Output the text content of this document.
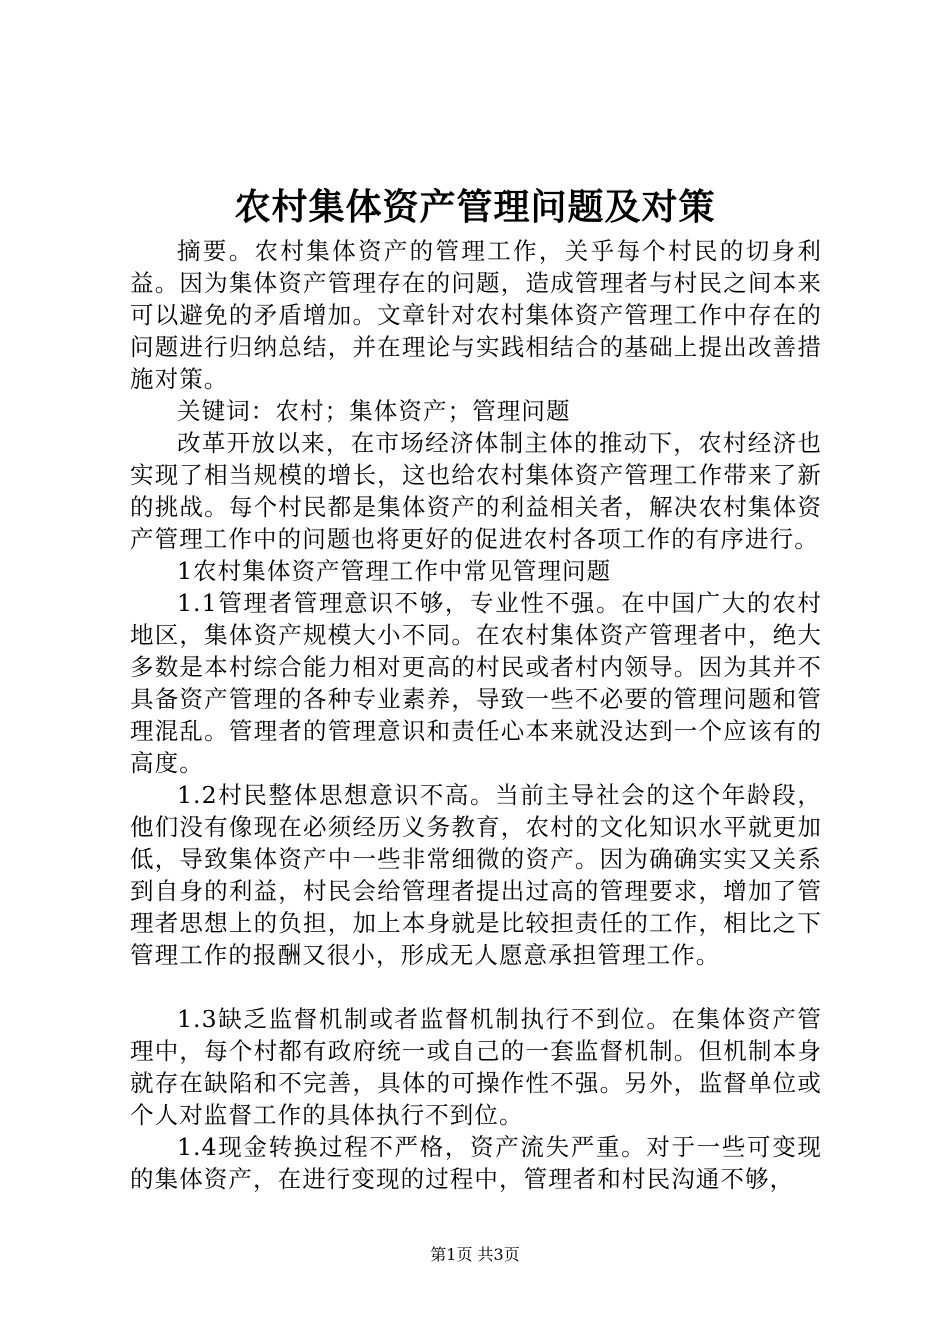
农村集体资产管理问题及对策

摘要。农村集体资产的管理工作，关乎每个村民的切身利益。因为集体资产管理存在的问题，造成管理者与村民之间本来可以避免的矛盾增加。文章针对农村集体资产管理工作中存在的问题进行归纳总结，并在理论与实践相结合的基础上提出改善措施对策。

关键词：农村；集体资产；管理问题

改革开放以来，在市场经济体制主体的推动下，农村经济也实现了相当规模的增长，这也给农村集体资产管理工作带来了新的挑战。每个村民都是集体资产的利益相关者，解决农村集体资产管理工作中的问题也将更好的促进农村各项工作的有序进行。

1农村集体资产管理工作中常见管理问题

1.1管理者管理意识不够，专业性不强。在中国广大的农村地区，集体资产规模大小不同。在农村集体资产管理者中，绝大多数是本村综合能力相对更高的村民或者村内领导。因为其并不具备资产管理的各种专业素养，导致一些不必要的管理问题和管理混乱。管理者的管理意识和责任心本来就没达到一个应该有的高度。

1.2村民整体思想意识不高。当前主导社会的这个年龄段，他们没有像现在必须经历义务教育，农村的文化知识水平就更加低，导致集体资产中一些非常细微的资产。因为确确实实又关系到自身的利益，村民会给管理者提出过高的管理要求，增加了管理者思想上的负担，加上本身就是比较担责任的工作，相比之下管理工作的报酬又很小，形成无人愿意承担管理工作。

1.3缺乏监督机制或者监督机制执行不到位。在集体资产管理中，每个村都有政府统一或自己的一套监督机制。但机制本身就存在缺陷和不完善，具体的可操作性不强。另外，监督单位或个人对监督工作的具体执行不到位。

1.4现金转换过程不严格，资产流失严重。对于一些可变现的集体资产，在进行变现的过程中，管理者和村民沟通不够，

第1页 共3页
